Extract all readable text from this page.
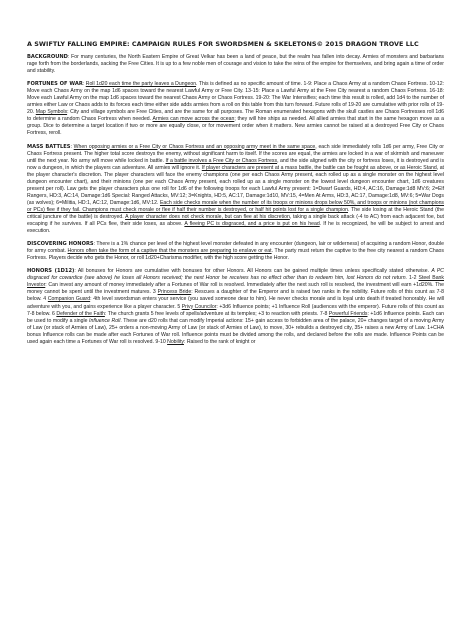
A SWIFTLY FALLING EMPIRE: CAMPAIGN RULES FOR SWORDSMEN & SKELETONS© 2015 DRAGON TROVE LLC

BACKGROUND: For many centuries, the North Eastern Empire of Great Velkar has been a land of peace, but the realm has fallen into decay. Armies of monsters and barbarians rage forth from the borderlands, sacking the Free Cities. It is up to a few noble men of courage and vision to take the reins of the empire for themselves, and bring again a time of order and stability.

FORTUNES OF WAR: Roll 1d20 each time the party leaves a Dungeon. This is defined as no specific amount of time. 1-9: Place a Chaos Army at a random Chaos Fortress. 10-12: Move each Chaos Army on the map 1d6 spaces toward the nearest Lawful Army or Free City. 13-15: Place a Lawful Army at the Free City nearest a random Chaos Fortress. 16-18: Move each Lawful Army on the map 1d6 spaces toward the nearest Chaos Army or Chaos Fortress. 19-20: The War Intensifies; each time this result is rolled, add 1d4 to the number of armies either Law or Chaos adds to its forces each time either side adds armies from a roll on this table from this turn forward. Future rolls of 19-20 are cumulative with prior rolls of 19-20. Map Symbols: City and village symbols are Free Cities, and are the same for all purposes. The Roman enumerated hexagons with the skull castles are Chaos Fortresses roll 1d6 to determine a random Chaos Fortress when needed. Armies can move across the ocean; they will hire ships as needed. All allied armies that start in the same hexagon move as a group. Dice to determine a target location if two or more are equally close, or for movement order when it matters. New armies cannot be raised at a destroyed Free City or Chaos Fortress, reroll.

MASS BATTLES: When opposing armies or a Free City or Chaos Fortress and an opposing army meet in the same space, each side immediately rolls 1d6 per army, Free City or Chaos Fortress present. The higher total score destroys the enemy, without significant harm to itself. If the scores are equal, the armies are locked in a war of skirmish and maneuver until the next year. No army will move while locked in battle. If a battle involves a Free City or Chaos Fortress, and the side aligned with the city or fortress loses, it is destroyed and is now a dungeon, in which the players can adventure. All armies will ignore it. If player characters are present at a mass battle, the battle can be fought as above, or as Heroic Stand, at the player character's discretion. The player characters will face the enemy champions (one per each Chaos Army present, each rolled up as a single monster on the highest level dungeon encounter chart), and their minions (one per each Chaos Army present, each rolled up as a single monster on the lowest level dungeon encounter chart, 1d6 creatures present per roll). Law gets the player characters plus one roll for 1d6 of the following troops for each Lawful Army present: 1=Dwarf Guards, HD:4, AC:16, Damage:1d8 MV:6; 2=Elf Rangers, HD:3, AC:14, Damage:1d6 Special: Ranged Attacks, MV:12; 3=Knights, HD:5, AC:17, Damage:1d10, MV:15, 4=Men At Arms, HD:3, AC:17, Damage:1d8, MV:6; 5=War Dogs (as wolves); 6=Militia, HD:1, AC:12, Damage:1d6, MV:12. Each side checks morale when the number of its troops or minions drops below 50%, and troops or minions (not champions or PCs) flee if they fail. Champions must check morale or flee if half their number is destroyed, or half hit points lost for a single champion. The side losing at the Heroic Stand (the critical juncture of the battle) is destroyed. A player character does not check morale, but can flee at his discretion, taking a single back attack (-4 to AC) from each adjacent foe, but escaping if he survives. If all PCs flee, their side loses, as above. A fleeing PC is disgraced, and a price is put on his head. If he is recognized, he will be subject to arrest and execution.

DISCOVERING HONORS: There is a 1% chance per level of the highest level monster defeated in any encounter (dungeon, lair or wilderness) of acquiring a random Honor, double for army combat. Honors often take the form of a captive that the monsters are preparing to enslave or eat. The party must return the captive to the free city nearest a random Chaos Fortress. Players decide who gets the Honor, or roll 1d20+Charisma modifier, with the high score getting the Honor.

HONORS (1D12): All bonuses for Honors are cumulative with bonuses for other Honors. All Honors can be gained multiple times unless specifically stated otherwise. A PC disgraced for cowardice (see above) he loses all Honors received; the next Honor he receives has no effect other than to redeem him, lost Honors do not return. 1-2 Steel Bank Investor: Can invest any amount of money immediately after a Fortunes of War roll is resolved. Immediately after the next such roll is resolved, the investment will earn +1d20%. The money cannot be spent until the investment matures. 3 Princess Bride: Rescues a daughter of the Emperor and is raised two ranks in the nobility. Future rolls of this count as 7-8 below. 4 Companion Guard: 4th level swordsman enters your service (you saved someone dear to him). He never checks morale and is loyal unto death if treated honorably. He will adventure with you, and gains experience like a player character. 5 Privy Councilor: +3d6 Influence points; +1 Influence Roll (audiences with the emperor). Future rolls of this count as 7-8 below. 6 Defender of the Faith: The church grants 5 free levels of spells/adventure at its temples; +3 to reaction with priests. 7-8 Powerful Friends: +1d6 Influence points. Each can be used to modify a single Influence Roll. These are d20 rolls that can modify Imperial actions: 15+ gain access to forbidden area of the palace, 20+ changes target of a moving Army of Law (or stack of Armies of Law), 25+ orders a non-moving Army of Law (or stack of Armies of Law), to move, 30+ rebuilds a destroyed city, 35+ raises a new Army of Law. 1+CHA bonus Influence rolls can be made after each Fortunes of War roll. Influence points must be divided among the rolls, and declared before the rolls are made. Influence Points can be used again each time a Fortunes of War roll is resolved. 9-10 Nobility: Raised to the rank of knight or
